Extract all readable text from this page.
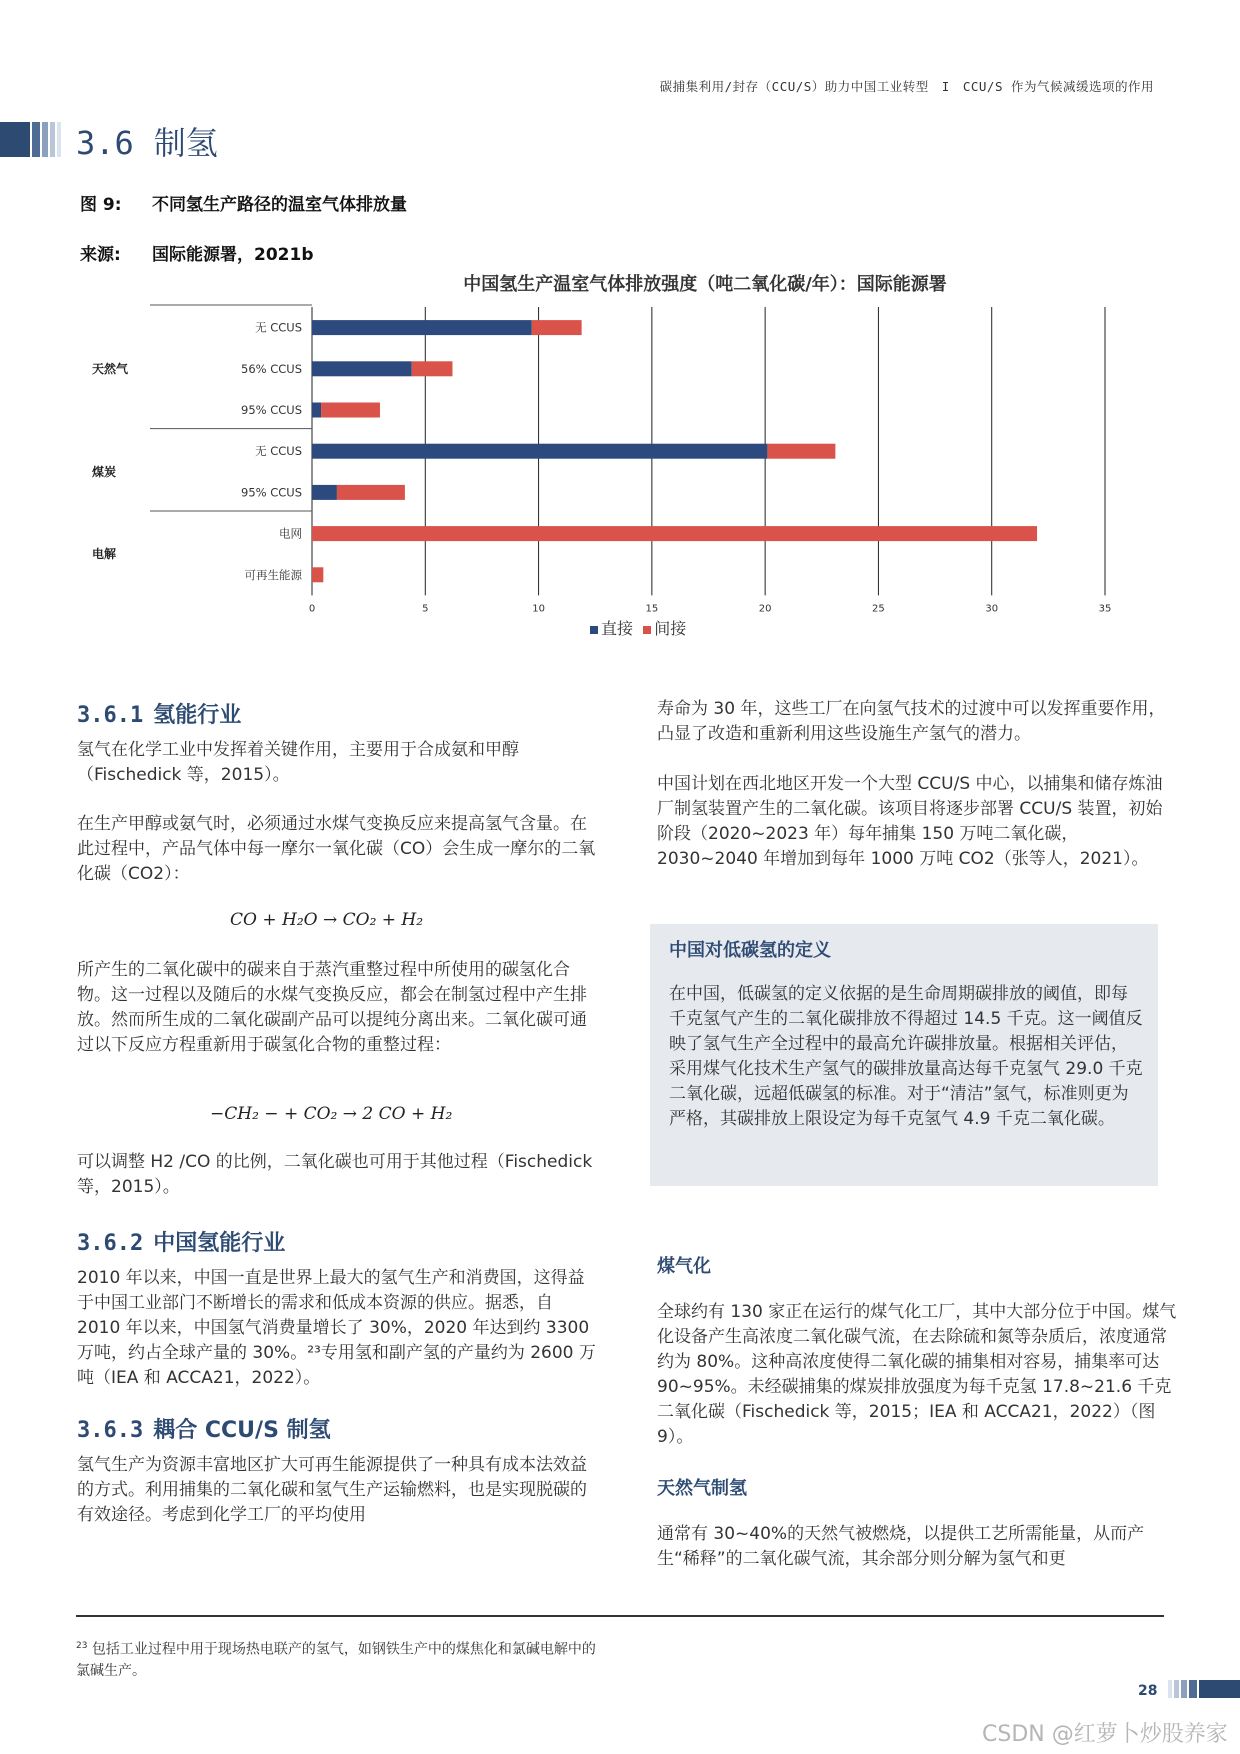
碳捕集利用/封存（CCU/S）助力中国工业转型　I　CCU/S 作为气候减缓选项的作用
3.6 制氢
图 9: 不同氢生产路径的温室气体排放量
来源: 国际能源署，2021b
中国氢生产温室气体排放强度（吨二氧化碳/年）：国际能源署
0	5	10	15	20	25	30	35
天然气
煤炭
电解
无 CCUS
56% CCUS
95% CCUS
无 CCUS
95% CCUS
电网
可再生能源
直接 间接
3.6.1 氢能行业
氢气在化学工业中发挥着关键作用，主要用于合成氨和甲醇（Fischedick 等，2015）。
在生产甲醇或氨气时，必须通过水煤气变换反应来提高氢气含量。在此过程中，产品气体中每一摩尔一氧化碳（CO）会生成一摩尔的二氧化碳（CO2）：
CO + H₂O → CO₂ + H₂
所产生的二氧化碳中的碳来自于蒸汽重整过程中所使用的碳氢化合物。这一过程以及随后的水煤气变换反应，都会在制氢过程中产生排放。然而所生成的二氧化碳副产品可以提纯分离出来。二氧化碳可通过以下反应方程重新用于碳氢化合物的重整过程：
−CH₂ − + CO₂ → 2 CO + H₂
可以调整 H2 /CO 的比例，二氧化碳也可用于其他过程（Fischedick 等，2015）。
3.6.2 中国氢能行业
2010 年以来，中国一直是世界上最大的氢气生产和消费国，这得益于中国工业部门不断增长的需求和低成本资源的供应。据悉，自 2010 年以来，中国氢气消费量增长了 30%，2020 年达到约 3300 万吨，约占全球产量的 30%。²³专用氢和副产氢的产量约为 2600 万吨（IEA 和 ACCA21，2022）。
3.6.3 耦合 CCU/S 制氢
氢气生产为资源丰富地区扩大可再生能源提供了一种具有成本法效益的方式。利用捕集的二氧化碳和氢气生产运输燃料，也是实现脱碳的有效途径。考虑到化学工厂的平均使用
寿命为 30 年，这些工厂在向氢气技术的过渡中可以发挥重要作用，凸显了改造和重新利用这些设施生产氢气的潜力。
中国计划在西北地区开发一个大型 CCU/S 中心，以捕集和储存炼油厂制氢装置产生的二氧化碳。该项目将逐步部署 CCU/S 装置，初始阶段（2020~2023 年）每年捕集 150 万吨二氧化碳， 2030~2040 年增加到每年 1000 万吨 CO2（张等人，2021）。
中国对低碳氢的定义
在中国，低碳氢的定义依据的是生命周期碳排放的阈值，即每千克氢气产生的二氧化碳排放不得超过 14.5 千克。这一阈值反映了氢气生产全过程中的最高允许碳排放量。根据相关评估，采用煤气化技术生产氢气的碳排放量高达每千克氢气 29.0 千克二氧化碳，远超低碳氢的标准。对于“清洁”氢气，标准则更为严格，其碳排放上限设定为每千克氢气 4.9 千克二氧化碳。
煤气化
全球约有 130 家正在运行的煤气化工厂，其中大部分位于中国。煤气化设备产生高浓度二氧化碳气流，在去除硫和氮等杂质后，浓度通常约为 80%。这种高浓度使得二氧化碳的捕集相对容易，捕集率可达 90~95%。未经碳捕集的煤炭排放强度为每千克氢 17.8~21.6 千克二氧化碳（Fischedick 等，2015；IEA 和 ACCA21，2022）（图 9）。
天然气制氢
通常有 30~40%的天然气被燃烧，以提供工艺所需能量，从而产生“稀释”的二氧化碳气流，其余部分则分解为氢气和更
$^{23}$ 包括工业过程中用于现场热电联产的氢气，如钢铁生产中的煤焦化和氯碱电解中的氯碱生产。
28
CSDN @红萝卜炒股养家
